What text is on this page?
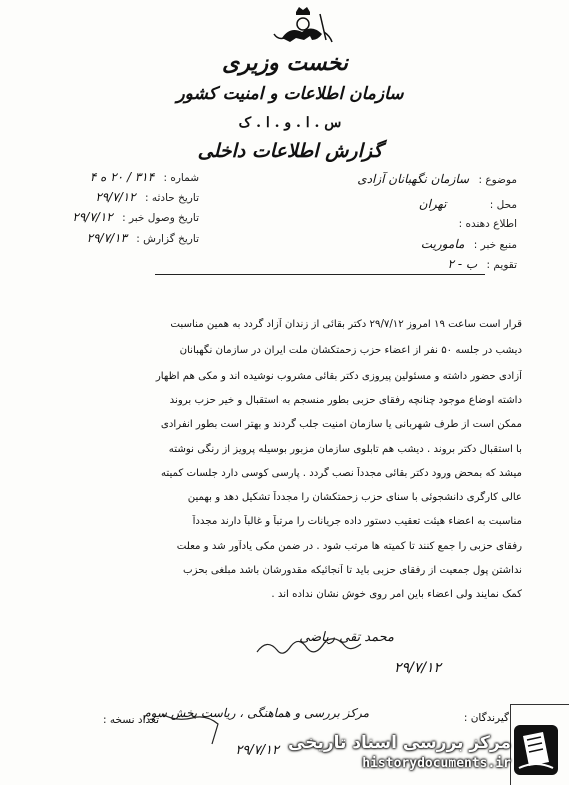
نخست وزیری
سازمان اطلاعات و امنیت کشور
س . ا . و . ا . ک
گزارش اطلاعات داخلی
موضوع : سازمان نگهبانان آزادی
محل : تهران
اطلاع دهنده :
منبع خبر : ماموریت
تقویم : ب - ۲
شماره : ۳۱۴ / ۲۰ ه ۴
تاریخ حادثه : ۲۹/۷/۱۲
تاریخ وصول خبر : ۲۹/۷/۱۲
تاریخ گزارش : ۲۹/۷/۱۳
قرار است ساعت ۱۹ امروز ۲۹/۷/۱۲ دکتر بقائی از زندان آزاد گردد به همین مناسبت
دیشب در جلسه ۵۰ نفر از اعضاء حزب زحمتکشان ملت ایران در سازمان نگهبانان
آزادی حضور داشته و مسئولین پیروزی دکتر بقائی مشروب نوشیده اند و مکی هم اظهار
داشته اوضاع موجود چنانچه رفقای حزبی بطور منسجم به استقبال و خیر حزب بروند
ممکن است از طرف شهربانی یا سازمان امنیت جلب گردند و بهتر است بطور انفرادی
با استقبال دکتر بروند . دیشب هم تابلوی سازمان مزبور بوسیله پرویز از رنگی نوشته
میشد که بمحض ورود دکتر بقائی مجدداً نصب گردد . پارسی کوسی دارد جلسات کمیته
عالی کارگری دانشجوئی با سنای حزب زحمتکشان را مجدداً تشکیل دهد و بهمین
مناسبت به اعضاء هیئت تعقیب دستور داده جریانات را مرتباً و غالباً دارند مجدداً
رفقای حزبی را جمع کنند تا کمیته ها مرتب شود . در ضمن مکی یادآور شد و معلت
نداشتن پول جمعیت از رفقای حزبی باید تا آنجائیکه مقدورشان باشد مبلغی بحزب
کمک نمایند ولی اعضاء باین امر روی خوش نشان نداده اند .
محمد تقی ریاضی
۲۹/۷/۱۲
گیرندگان :
تعداد نسخه :
مرکز بررسی و هماهنگی ، ریاست بخش سوم
۲۹/۷/۱۲ مرکز بررسی اسناد تاریخی
historydocuments.ir
